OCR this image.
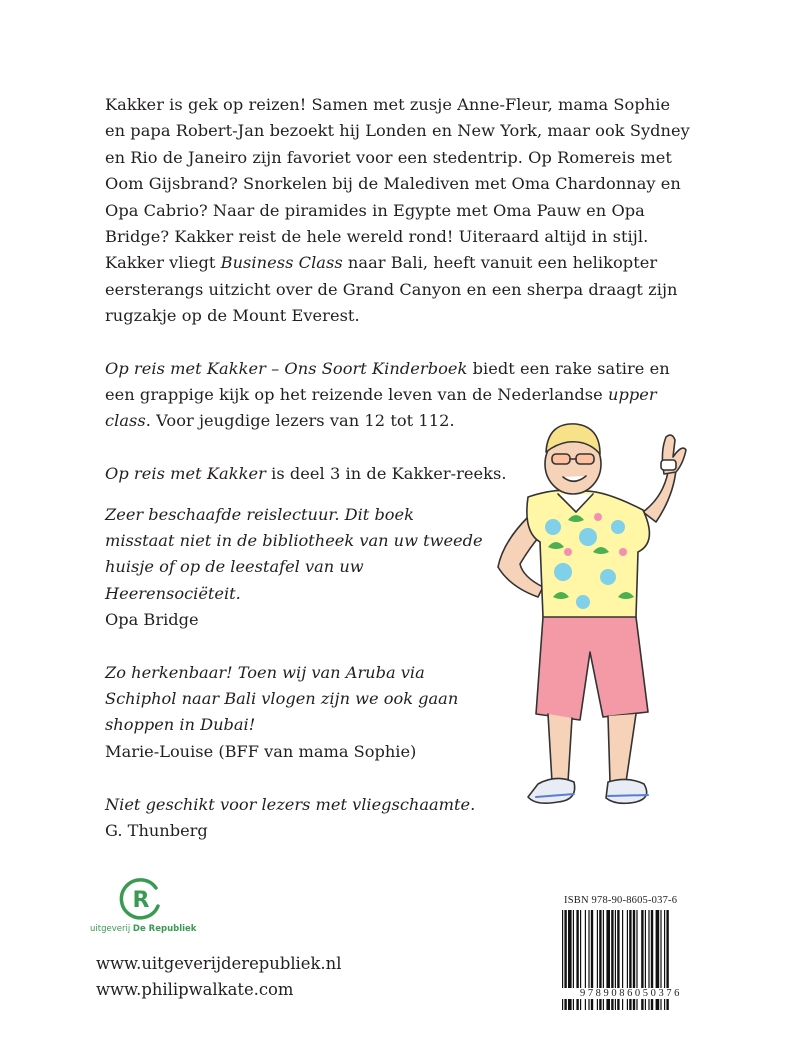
Kakker is gek op reizen! Samen met zusje Anne-Fleur, mama Sophie en papa Robert-Jan bezoekt hij Londen en New York, maar ook Sydney en Rio de Janeiro zijn favoriet voor een stedentrip. Op Romereis met Oom Gijsbrand? Snorkelen bij de Malediven met Oma Chardonnay en Opa Cabrio? Naar de piramides in Egypte met Oma Pauw en Opa Bridge? Kakker reist de hele wereld rond! Uiteraard altijd in stijl. Kakker vliegt Business Class naar Bali, heeft vanuit een helikopter eersterangs uitzicht over de Grand Canyon en een sherpa draagt zijn rugzakje op de Mount Everest.

Op reis met Kakker – Ons Soort Kinderboek biedt een rake satire en een grappige kijk op het reizende leven van de Nederlandse upper class. Voor jeugdige lezers van 12 tot 112.

Op reis met Kakker is deel 3 in de Kakker-reeks.

Zeer beschaafde reislectuur. Dit boek misstaat niet in de bibliotheek van uw tweede huisje of op de leestafel van uw Heerensociëteit.
Opa Bridge
Zo herkenbaar! Toen wij van Aruba via Schiphol naar Bali vlogen zijn we ook gaan shoppen in Dubai!
Marie-Louise (BFF van mama Sophie)
Niet geschikt voor lezers met vliegschaamte.
G. Thunberg
R
uitgeverij De Republiek
www.uitgeverijderepubliek.nl
www.philipwalkate.com
ISBN 978-90-8605-037-6
9789086050376
